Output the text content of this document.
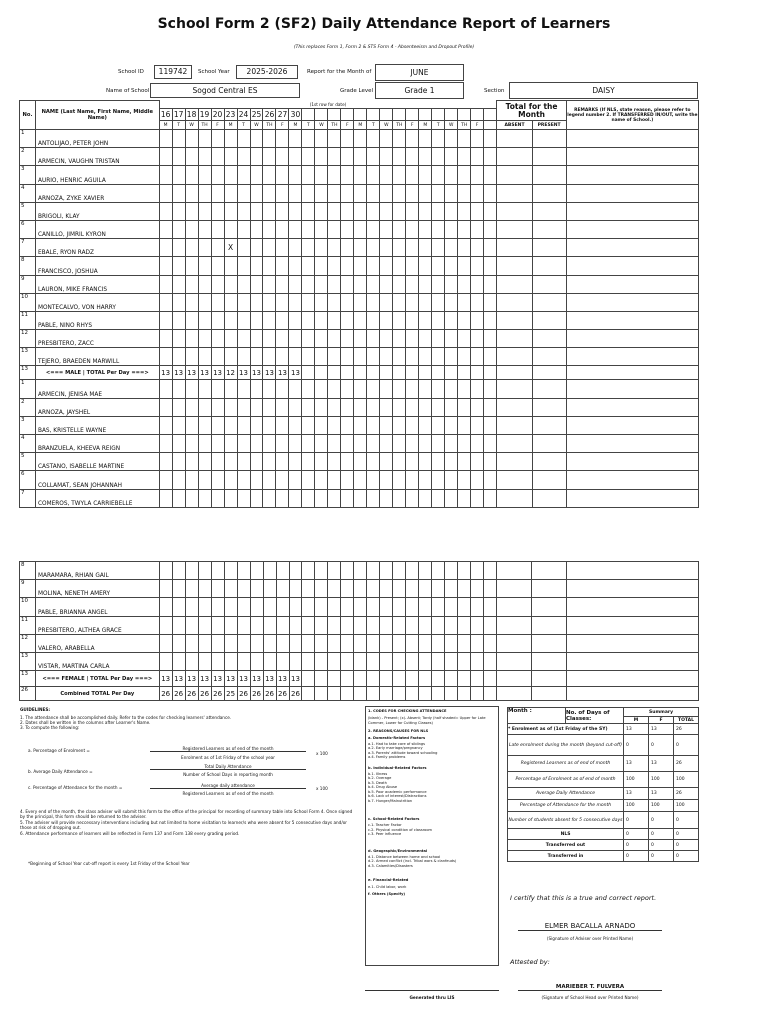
School Form 2 (SF2) Daily Attendance Report of Learners
(This replaces Form 1, Form 2 & STS Form 4 - Absenteeism and Dropout Profile)
School ID	119742	School Year	2025-2026	Report for the Month of	JUNE
Name of School	Sogod Central ES	Grade Level	Grade 1	Section	DAISY
No.	NAME (Last Name, First Name, Middle Name)	(1st row for date)																										Total for the Month		REMARKS (If NLS, state reason, please refer to legend number 2. If TRANSFERRED IN/OUT, write the name of School.)
		16	17	18	19	20	23	24	25	26	27	30																		
		M	T	W	TH	F	M	T	W	TH	F	M	T	W	TH	F	M	T	W	TH	F	M	T	W	TH	F		ABSENT	PRESENT	
1	ANTOLIJAO, PETER JOHN																													
2	ARMECIN, VAUGHN TRISTAN																													
3	AURIO, HENRIC AGUILA																													
4	ARNOZA, ZYKE XAVIER																													
5	BRIGOLI, KLAY																													
6	CANILLO, JIMRIL KYRON																													
7	EBALE, RYON RADZ						X																							
8	FRANCISCO, JOSHUA																													
9	LAURON, MIKE FRANCIS																													
10	MONTECALVO, VON HARRY																													
11	PABLE, NINO RHYS																													
12	PRESBITERO, ZACC																													
13	TEJERO, BRAEDEN MARWILL																													
13	<=== MALE | TOTAL Per Day ===>	13	13	13	13	13	12	13	13	13	13	13																		
1	ARMECIN, JENISA MAE																													
2	ARNOZA, JAYSHEL																													
3	BAS, KRISTELLE WAYNE																													
4	BRANZUELA, KHEEVA REIGN																													
5	CASTANO, ISABELLE MARTINE																													
6	COLLAMAT, SEAN JOHANNAH																													
7	COMEROS, TWYLA CARRIEBELLE																													
8	MARAMARA, RHIAN GAIL																													
9	MOLINA, NENETH AMERY																													
10	PABLE, BRIANNA ANGEL																													
11	PRESBITERO, ALTHEA GRACE																													
12	VALERO, ARABELLA																													
13	VISTAR, MARTINA CARLA																													
13	<=== FEMALE | TOTAL Per Day ===>	13	13	13	13	13	13	13	13	13	13	13																		
26	Combined TOTAL Per Day	26	26	26	26	26	25	26	26	26	26	26																		
GUIDELINES:
1. The attendance shall be accomplished daily. Refer to the codes for checking learners' attendance.
2. Dates shall be written in the columns after Learner's Name.
3. To compute the following:
a. Percentage of Enrolment =	Registered Learners as of end of the month
Enrolment as of 1st Friday of the school year
x 100
b. Average Daily Attendance =
Total Daily Attendance
Number of School Days in reporting month
c. Percentage of Attendance for the month =	Average daily attendance
Registered Learners as of end of the month
x 100
4. Every end of the month, the class adviser will submit this form to the office of the principal for recording of summary table into School Form 4. Once signed by the principal, this form should be returned to the adviser.
5. The adviser will provide neccessary interventions including but not limited to home visitation to learner/s who were absent for 5 consecutive days and/or those at risk of dropping out.
6. Attendance performance of learners will be reflected in Form 137 and Form 138 every grading period.
*Beginning of School Year cut-off report is every 1st Friday of the School Year
1. CODES FOR CHECKING ATTENDANCE
(blank) - Present; (x)- Absent; Tardy (half shaded= Upper for Late Commer, Lower for Cutting Classes)
2. REASONS/CAUSES FOR NLS
a. Domestic-Related Factors
a.1. Had to take care of siblings
a.2. Early marriage/pregnancy
a.3. Parents' attitude toward schooling
a.4. Family problems
b. Individual-Related Factors
b.1. Illness
b.2. Overage
b.3. Death
b.4. Drug Abuse
b.5. Poor academic performance
b.6. Lack of interest/Distractions
b.7. Hunger/Malnutrition
c. School-Related Factors
c.1. Teacher Factor
c.2. Physical condition of classroom
c.3. Peer influence
d. Geographic/Environmental
d.1. Distance between home and school
d.2. Armed conflict (incl. Tribal wars & clanfeuds)
d.3. Calamities/Disasters
e. Financial-Related
e.1. Child labor, work
f. Others (Specify)
Month :	No. of Days of Classes:	Summary		
		M	F	TOTAL
* Enrolment as of (1st Friday of the SY)		13	13	26
Late enrolment during the month (beyond cut-off)		0	0	0
Registered Learners as of end of month		13	13	26
Percentage of Enrolment as of end of month		100	100	100
Average Daily Attendance		13	13	26
Percentage of Attendance for the month		100	100	100
Number of students absent for 5 consecutive days		0	0	0
NLS		0	0	0
Transferred out		0	0	0
Transferred in		0	0	0
I certify that this is a true and correct report.
ELMER BACALLA ARNADO
(Signature of Adviser over Printed Name)
Attested by:
MARIEBER T. FULVERA
(Signature of School Head over Printed Name)
Generated thru LIS
